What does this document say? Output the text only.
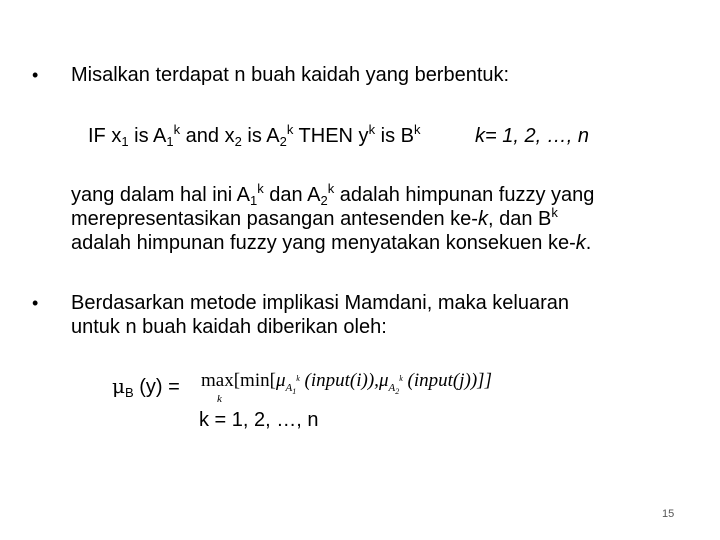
• Misalkan terdapat n buah kaidah yang berbentuk:
IF $x_1$ is $A_1^k$ and $x_2$ is $A_2^k$ THEN $y^k$ is $B^k$	k= 1, 2, …, n
yang dalam hal ini $A_1^k$ dan $A_2^k$ adalah himpunan fuzzy yang
merepresentasikan pasangan antesenden ke-k, dan $B^k$
adalah himpunan fuzzy yang menyatakan konsekuen ke-k.
• Berdasarkan metode implikasi Mamdani, maka keluaran
untuk n buah kaidah diberikan oleh:
$\mu_B$ (y) = max
k
[$\min[\mu_{A1}^k$ $(input(i)),\mu_{A2}^k$ (input(j))]]
k = 1, 2, …, n
15
